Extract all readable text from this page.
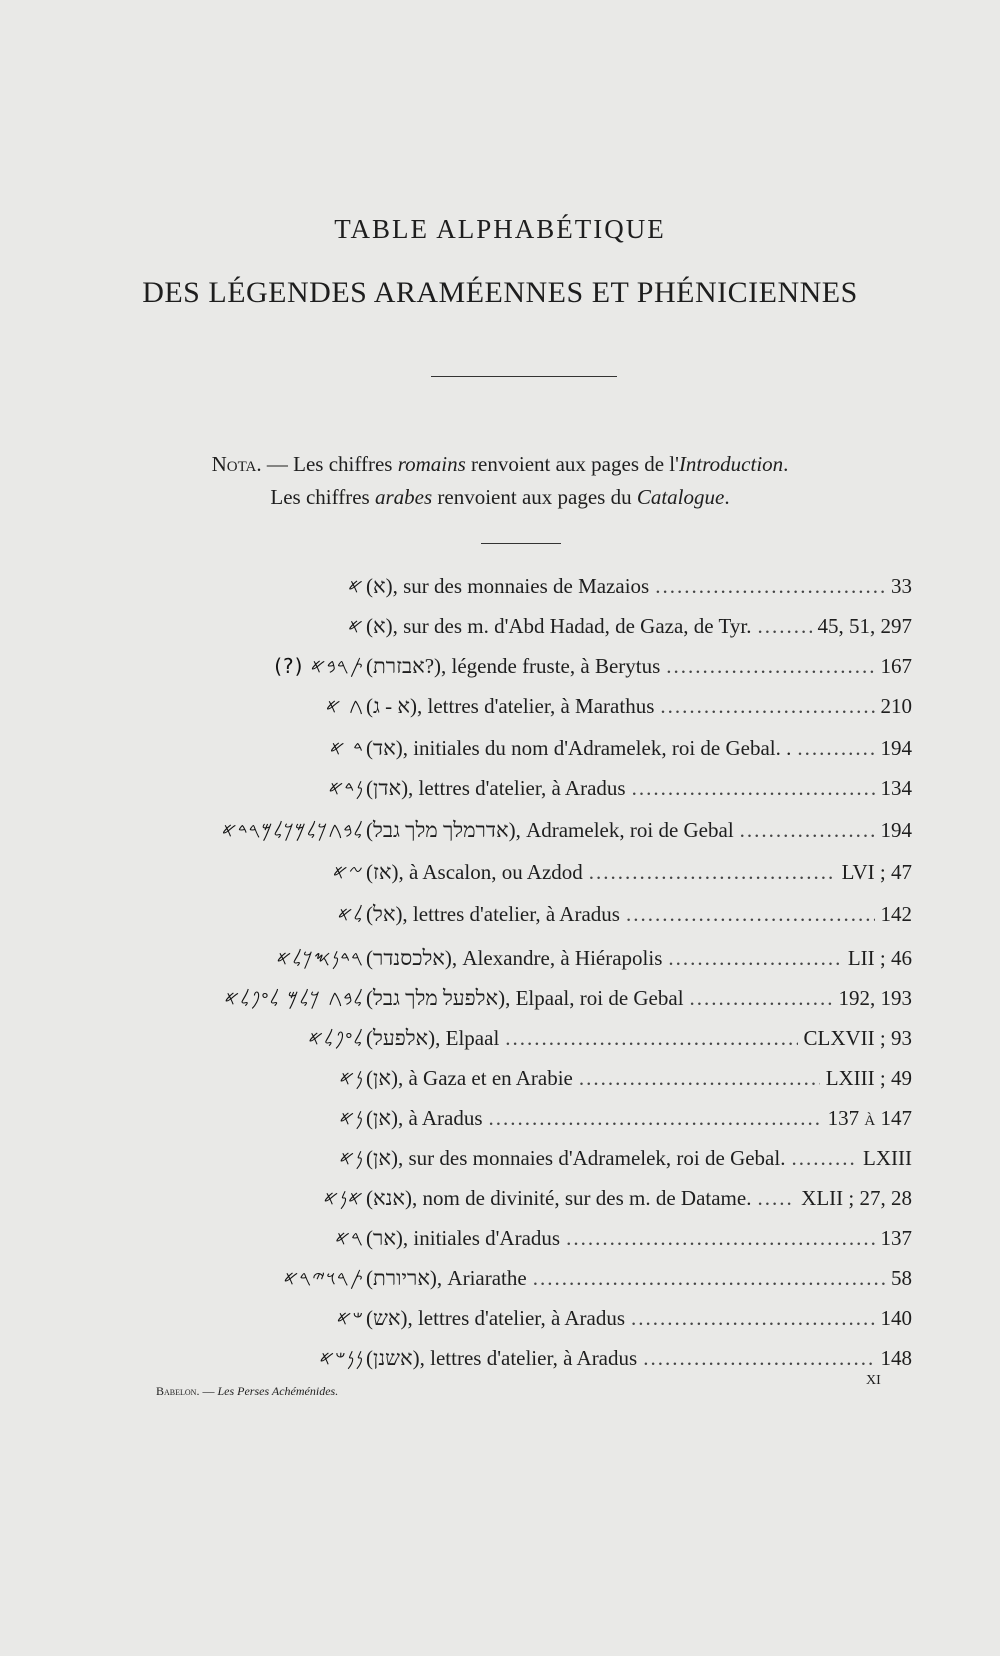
TABLE ALPHABÉTIQUE
DES LÉGENDES ARAMÉENNES ET PHÉNICIENNES
Nota. — Les chiffres romains renvoient aux pages de l'Introduction.
Les chiffres arabes renvoient aux pages du Catalogue.
𐤀 (א), sur des monnaies de Mazaios .....	33
𐤀 (א), sur des m. d'Abd Hadad, de Gaza, de Tyr. .....	45, 51, 297
(?) 𐤕𐤓𐤁𐤀 (אבזרת?), légende fruste, à Berytus .....	167
𐤂 𐤀 (א - ג), lettres d'atelier, à Marathus .....	210
𐤃 𐤀 (אד), initiales du nom d'Adramelek, roi de Gebal. . .....	194
𐤍𐤃𐤀 (אדן), lettres d'atelier, à Aradus .....	134
𐤋𐤁𐤂𐤊𐤋𐤌𐤊𐤋𐤌𐤓𐤃𐤀 (אדרמלך מלך גבל), Adramelek, roi de Gebal .....	194
𐤆𐤀 (אז), à Ascalon, ou Azdod .....	LVI ; 47
𐤋𐤀 (אל), lettres d'atelier, à Aradus .....	142
𐤓𐤃𐤍𐤎𐤊𐤋𐤀 (אלכסנדר), Alexandre, à Hiérapolis .....	LII ; 46
𐤋𐤁𐤂 𐤊𐤋𐤌 𐤋𐤏𐤐𐤋𐤀 (אלפעל מלך גבל), Elpaal, roi de Gebal .....	192, 193
𐤋𐤏𐤐𐤋𐤀 (אלפעל), Elpaal .....	CLXVII ; 93
𐤍𐤀 (אן), à Gaza et en Arabie .....	LXIII ; 49
𐤍𐤀 (אן), à Aradus .....	137 à 147
𐤍𐤀 (אן), sur des monnaies d'Adramelek, roi de Gebal. .....	LXIII
𐤀𐤍𐤀 (אנא), nom de divinité, sur des m. de Datame. ..... XLII ; 27, 28
𐤓𐤀 (אר), initiales d'Aradus .....	137
𐤕𐤓𐤅𐤉𐤓𐤀 (אריורת), Ariarathe .....	58
𐤔𐤀 (אש), lettres d'atelier, à Aradus .....	140
𐤍𐤍𐤔𐤀 (אשנן), lettres d'atelier, à Aradus .....	148
Babelon. — Les Perses Achéménides.
XI
